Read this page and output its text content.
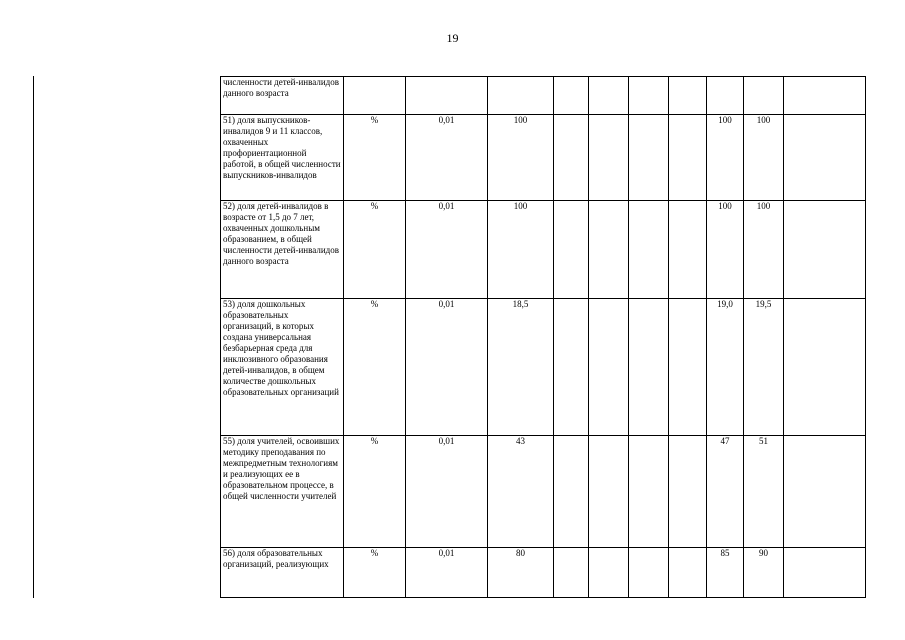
19
численности детей-инвалидов данного возраста										
51) доля выпускников-инвалидов 9 и 11 классов, охваченных профориентационной работой, в общей численности выпускников-инвалидов	%	0,01	100					100	100	
52) доля детей-инвалидов в возрасте от 1,5 до 7 лет, охваченных дошкольным образованием, в общей численности детей-инвалидов данного возраста	%	0,01	100					100	100	
53) доля дошкольных образовательных организаций, в которых создана универсальная безбарьерная среда для инклюзивного образования детей-инвалидов, в общем количестве дошкольных образовательных организаций	%	0,01	18,5					19,0	19,5	
55) доля учителей, освоивших методику преподавания по межпредметным технологиям и реализующих ее в образовательном процессе, в общей численности учителей	%	0,01	43					47	51	
56) доля образовательных организаций, реализующих	%	0,01	80					85	90	
